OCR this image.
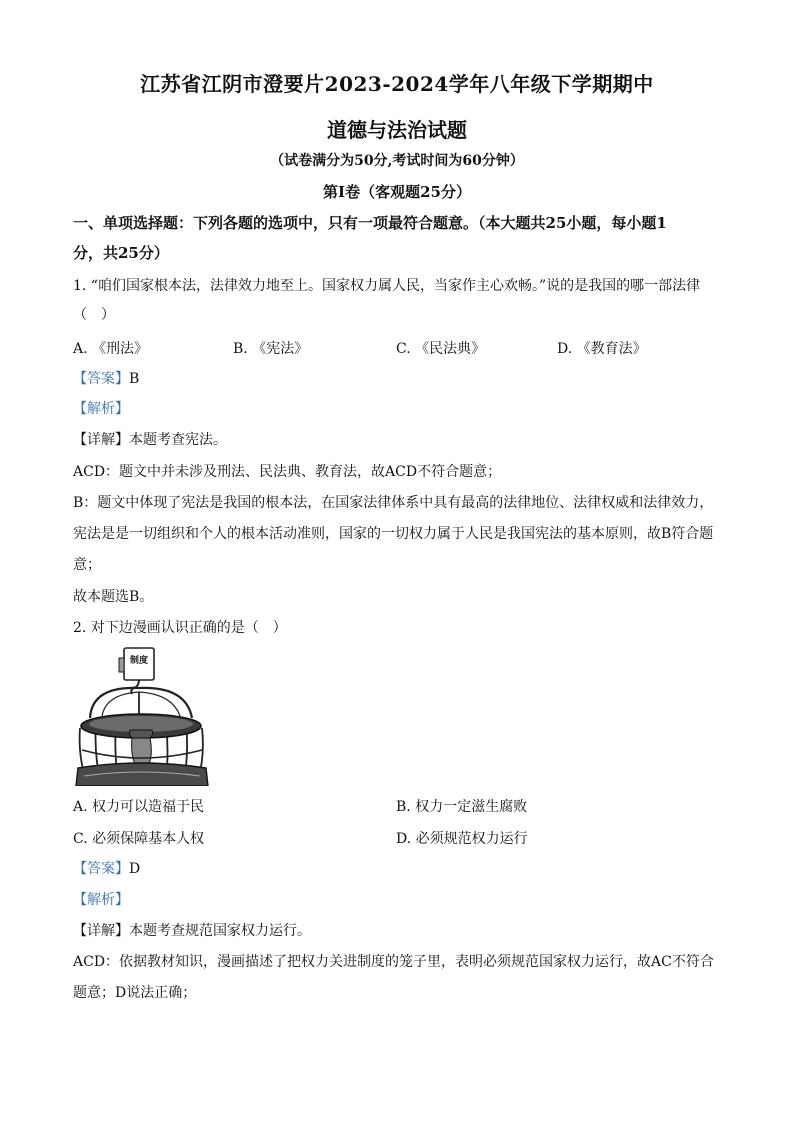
江苏省江阴市澄要片2023-2024学年八年级下学期期中
道德与法治试题
（试卷满分为50分,考试时间为60分钟）
第Ⅰ卷（客观题25分）
一、单项选择题：下列各题的选项中，只有一项最符合题意。（本大题共25小题，每小题1
分，共25分）
1. “咱们国家根本法，法律效力地至上。国家权力属人民，当家作主心欢畅。”说的是我国的哪一部法律
（　）
A. 《刑法》	B. 《宪法》	C. 《民法典》	D. 《教育法》
【答案】B
【解析】
【详解】本题考查宪法。
ACD：题文中并未涉及刑法、民法典、教育法，故ACD不符合题意；
B：题文中体现了宪法是我国的根本法，在国家法律体系中具有最高的法律地位、法律权威和法律效力，
宪法是是一切组织和个人的根本活动准则，国家的一切权力属于人民是我国宪法的基本原则，故B符合题
意；
故本题选B。
2. 对下边漫画认识正确的是（　）
制度
A. 权力可以造福于民	B. 权力一定滋生腐败
C. 必须保障基本人权	D. 必须规范权力运行
【答案】D
【解析】
【详解】本题考查规范国家权力运行。
ACD：依据教材知识，漫画描述了把权力关进制度的笼子里，表明必须规范国家权力运行，故AC不符合
题意；D说法正确；
